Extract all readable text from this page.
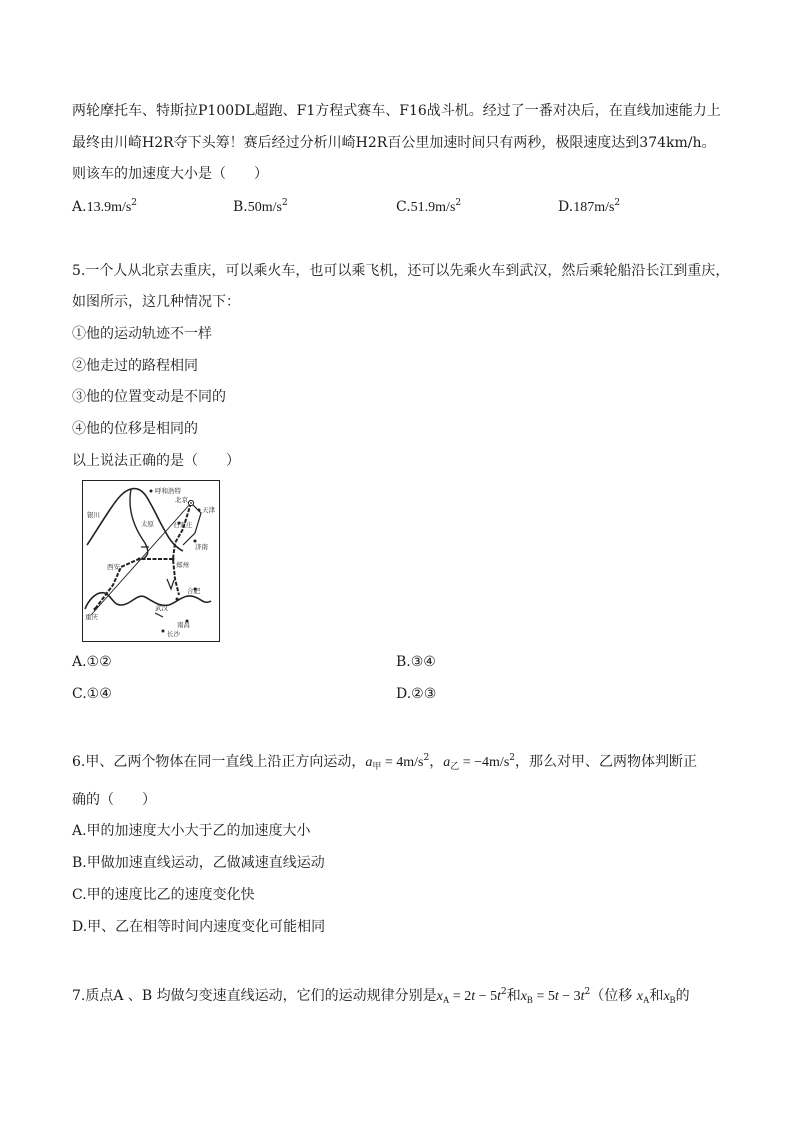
两轮摩托车、特斯拉P100DL超跑、F1方程式赛车、F16战斗机。经过了一番对决后，在直线加速能力上
最终由川崎H2R夺下头筹！赛后经过分析川崎H2R百公里加速时间只有两秒，极限速度达到374km/h。
则该车的加速度大小是（　　）
$A.13.9m/s^2$	$B.50m/s^2$	$C.51.9m/s^2$	$D.187m/s^2$
5.一个人从北京去重庆，可以乘火车，也可以乘飞机，还可以先乘火车到武汉，然后乘轮船沿长江到重庆，
如图所示，这几种情况下：
①他的运动轨迹不一样
②他走过的路程相同
③他的位置变动是不同的
④他的位移是相同的
以上说法正确的是（　　）
呼和浩特
北京
天津
银川
太原	石家庄
济南
西安	郑州
合肥
重庆
武汉
南昌
长沙
A.①②	B.③④
C.①④	D.②③
6.甲、乙两个物体在同一直线上沿正方向运动，$a_甲 = 4m/s^2$，$a_乙 = -4m/s^2$，那么对甲、乙两物体判断正
确的（　　）
A.甲的加速度大小大于乙的加速度大小
B.甲做加速直线运动，乙做减速直线运动
C.甲的速度比乙的速度变化快
D.甲、乙在相等时间内速度变化可能相同
7.质点A 、B 均做匀变速直线运动，它们的运动规律分别是$x_A = 2t - 5t^2$和$x_B = 5t - 3t^2$（位移 $x_A$和$x_B$的
